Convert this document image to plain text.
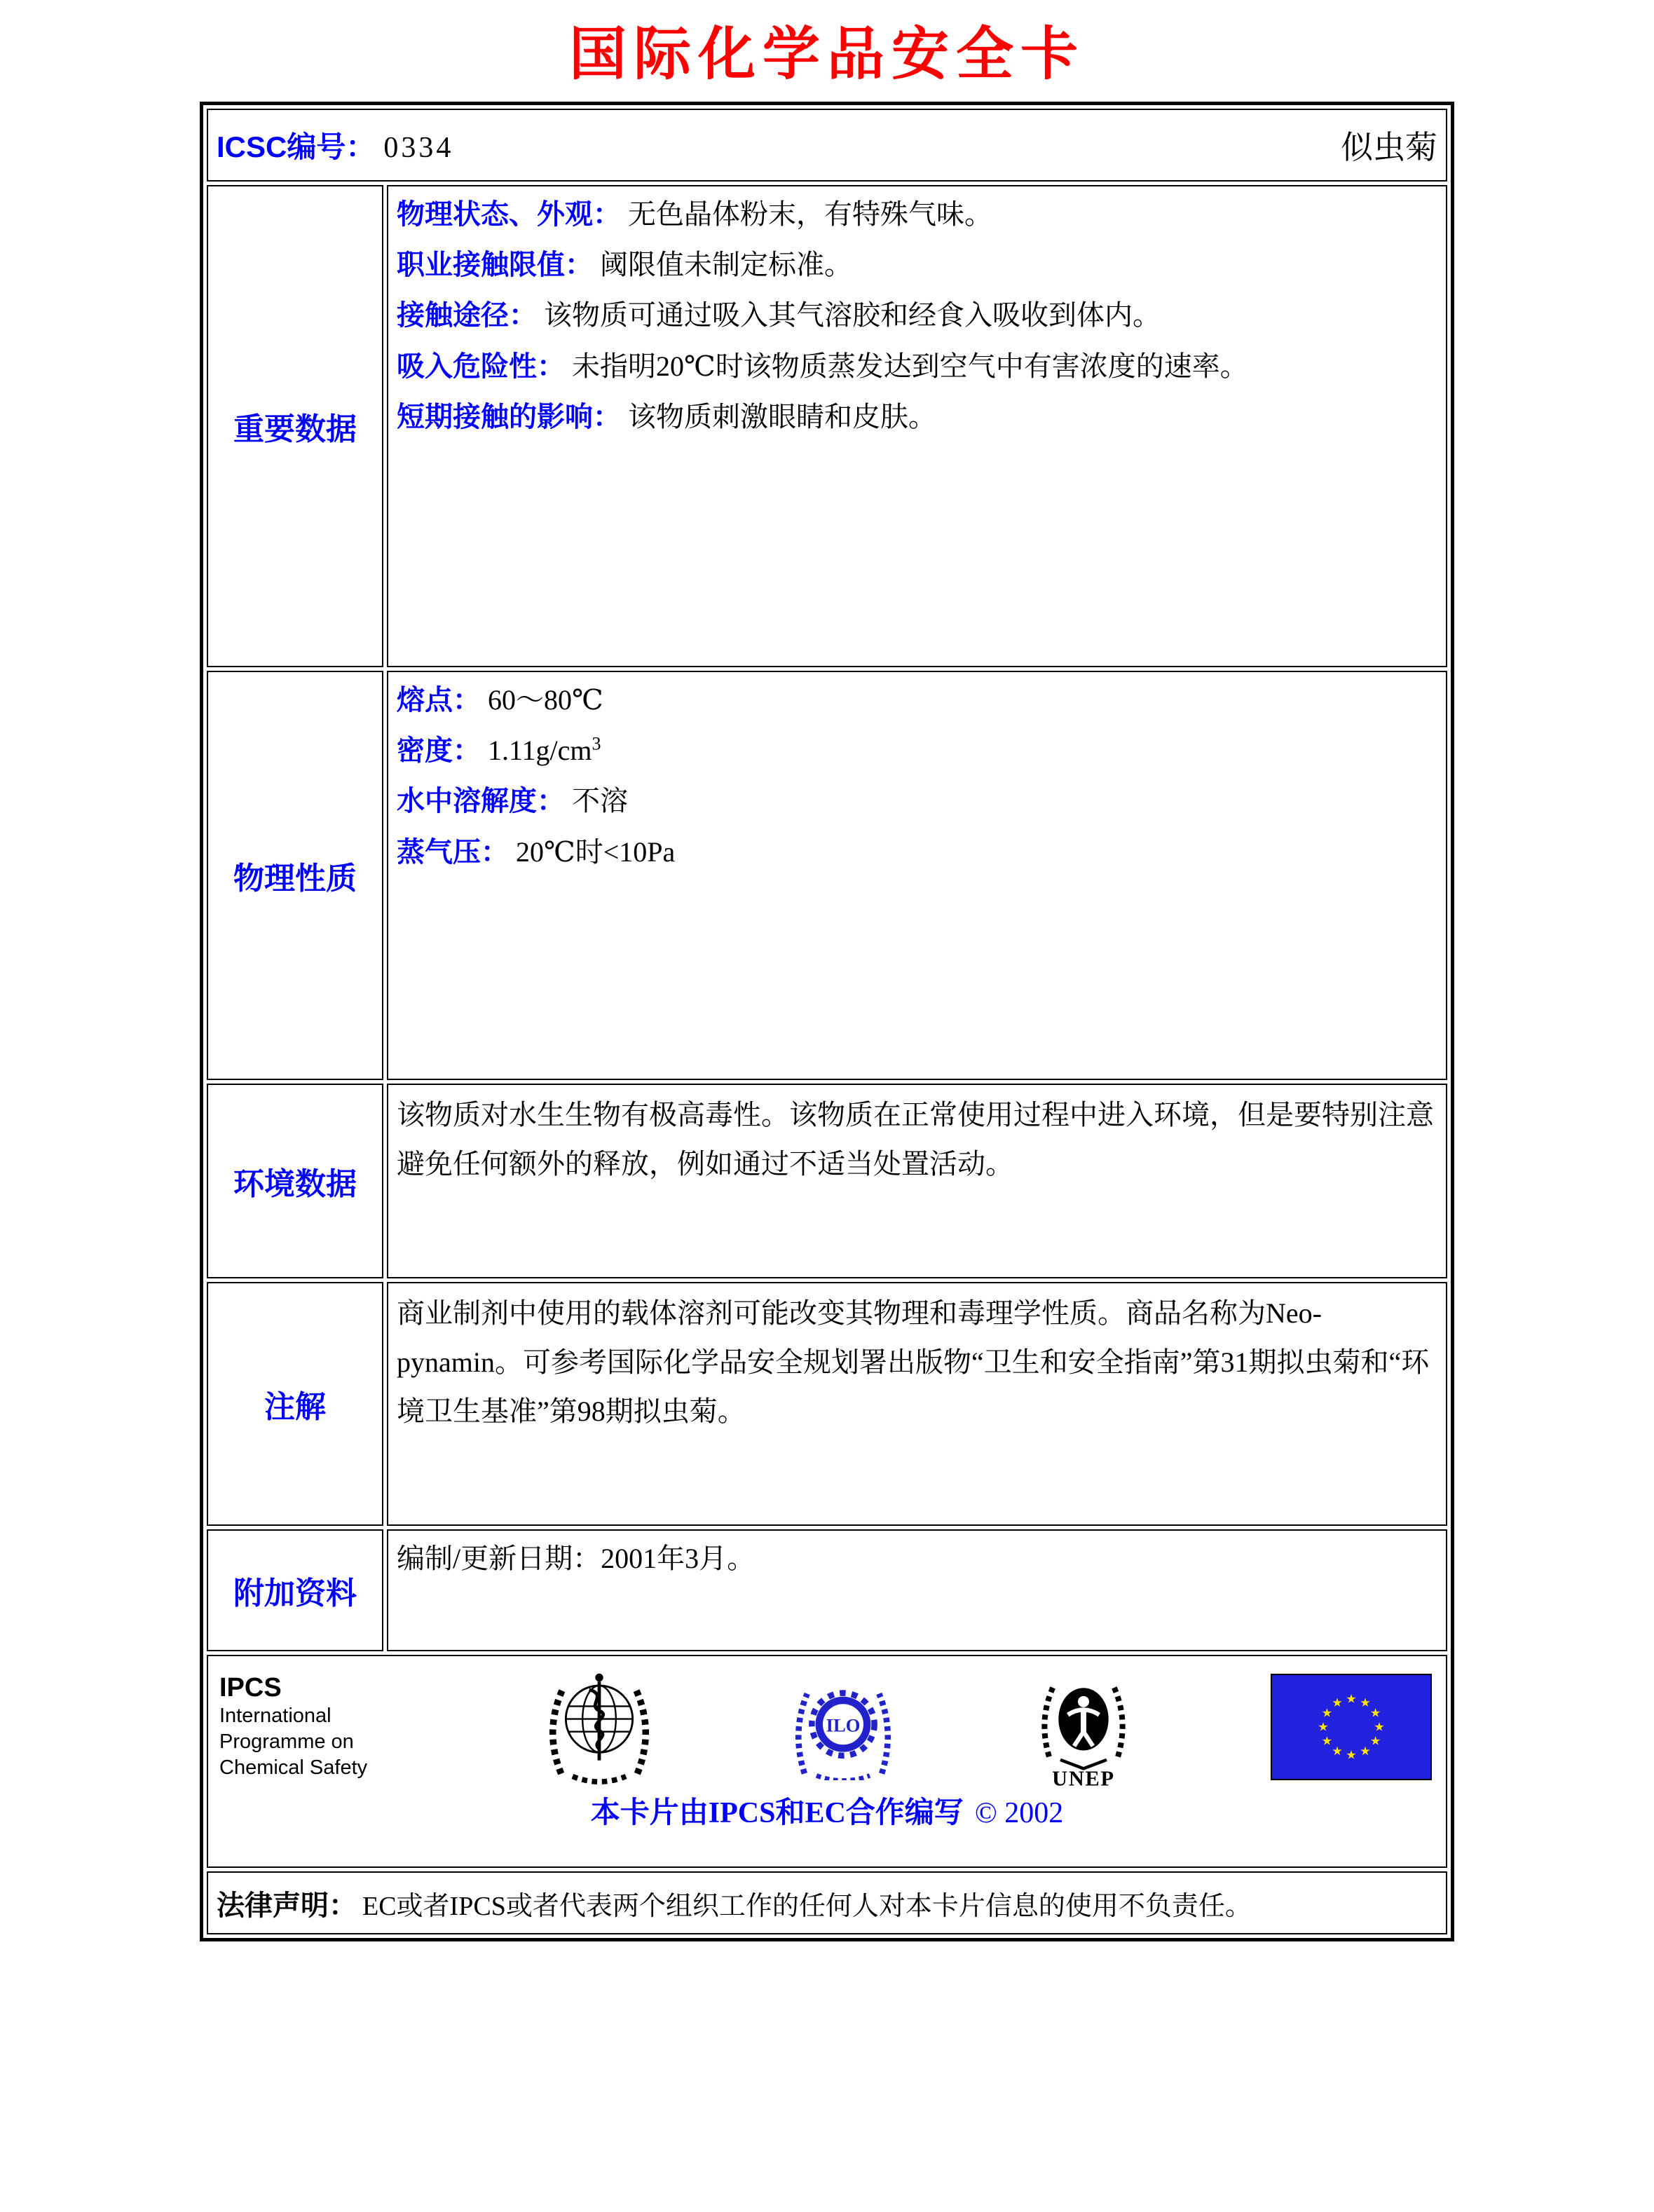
国际化学品安全卡
ICSC编号： 0334 似虫菊	

重要数据	物理状态、外观： 无色晶体粉末，有特殊气味。
职业接触限值： 阈限值未制定标准。
接触途径： 该物质可通过吸入其气溶胶和经食入吸收到体内。
吸入危险性： 未指明20℃时该物质蒸发达到空气中有害浓度的速率。
短期接触的影响： 该物质刺激眼睛和皮肤。

物理性质	熔点： 60～80℃
密度： $1.11g/cm^3$
水中溶解度： 不溶
蒸气压： 20℃时<10Pa

环境数据	该物质对水生生物有极高毒性。该物质在正常使用过程中进入环境，但是要特别注意避免任何额外的释放，例如通过不适当处置活动。

注解	商业制剂中使用的载体溶剂可能改变其物理和毒理学性质。商品名称为Neo-pynamin。可参考国际化学品安全规划署出版物“卫生和安全指南”第31期拟虫菊和“环境卫生基准”第98期拟虫菊。

附加资料	编制/更新日期：2001年3月。

IPCS
International
Programme on
Chemical Safety
ILO
UNEP
本卡片由IPCS和EC合作编写 © 2002

法律声明： EC或者IPCS或者代表两个组织工作的任何人对本卡片信息的使用不负责任。	
